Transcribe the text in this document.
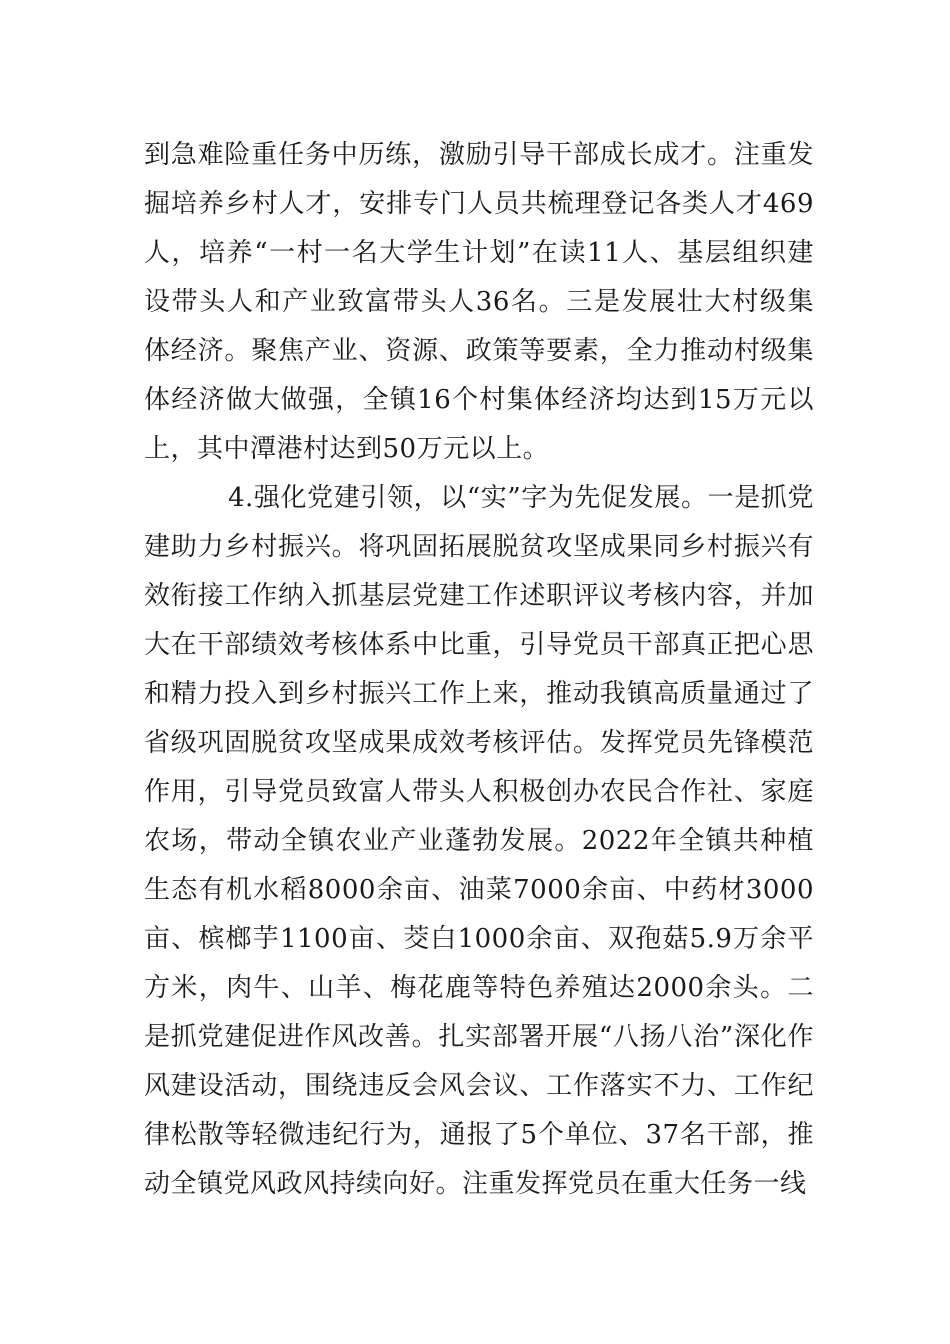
到急难险重任务中历练，激励引导干部成长成才。注重发掘培养乡村人才，安排专门人员共梳理登记各类人才469人，培养“一村一名大学生计划”在读11人、基层组织建设带头人和产业致富带头人36名。三是发展壮大村级集体经济。聚焦产业、资源、政策等要素，全力推动村级集体经济做大做强，全镇16个村集体经济均达到15万元以上，其中潭港村达到50万元以上。

4.强化党建引领，以“实”字为先促发展。一是抓党建助力乡村振兴。将巩固拓展脱贫攻坚成果同乡村振兴有效衔接工作纳入抓基层党建工作述职评议考核内容，并加大在干部绩效考核体系中比重，引导党员干部真正把心思和精力投入到乡村振兴工作上来，推动我镇高质量通过了省级巩固脱贫攻坚成果成效考核评估。发挥党员先锋模范作用，引导党员致富人带头人积极创办农民合作社、家庭农场，带动全镇农业产业蓬勃发展。2022年全镇共种植生态有机水稻8000余亩、油菜7000余亩、中药材3000亩、槟榔芋1100亩、茭白1000余亩、双孢菇5.9万余平方米，肉牛、山羊、梅花鹿等特色养殖达2000余头。二是抓党建促进作风改善。扎实部署开展“八扬八治”深化作风建设活动，围绕违反会风会议、工作落实不力、工作纪律松散等轻微违纪行为，通报了5个单位、37名干部，推动全镇党风政风持续向好。注重发挥党员在重大任务一线
